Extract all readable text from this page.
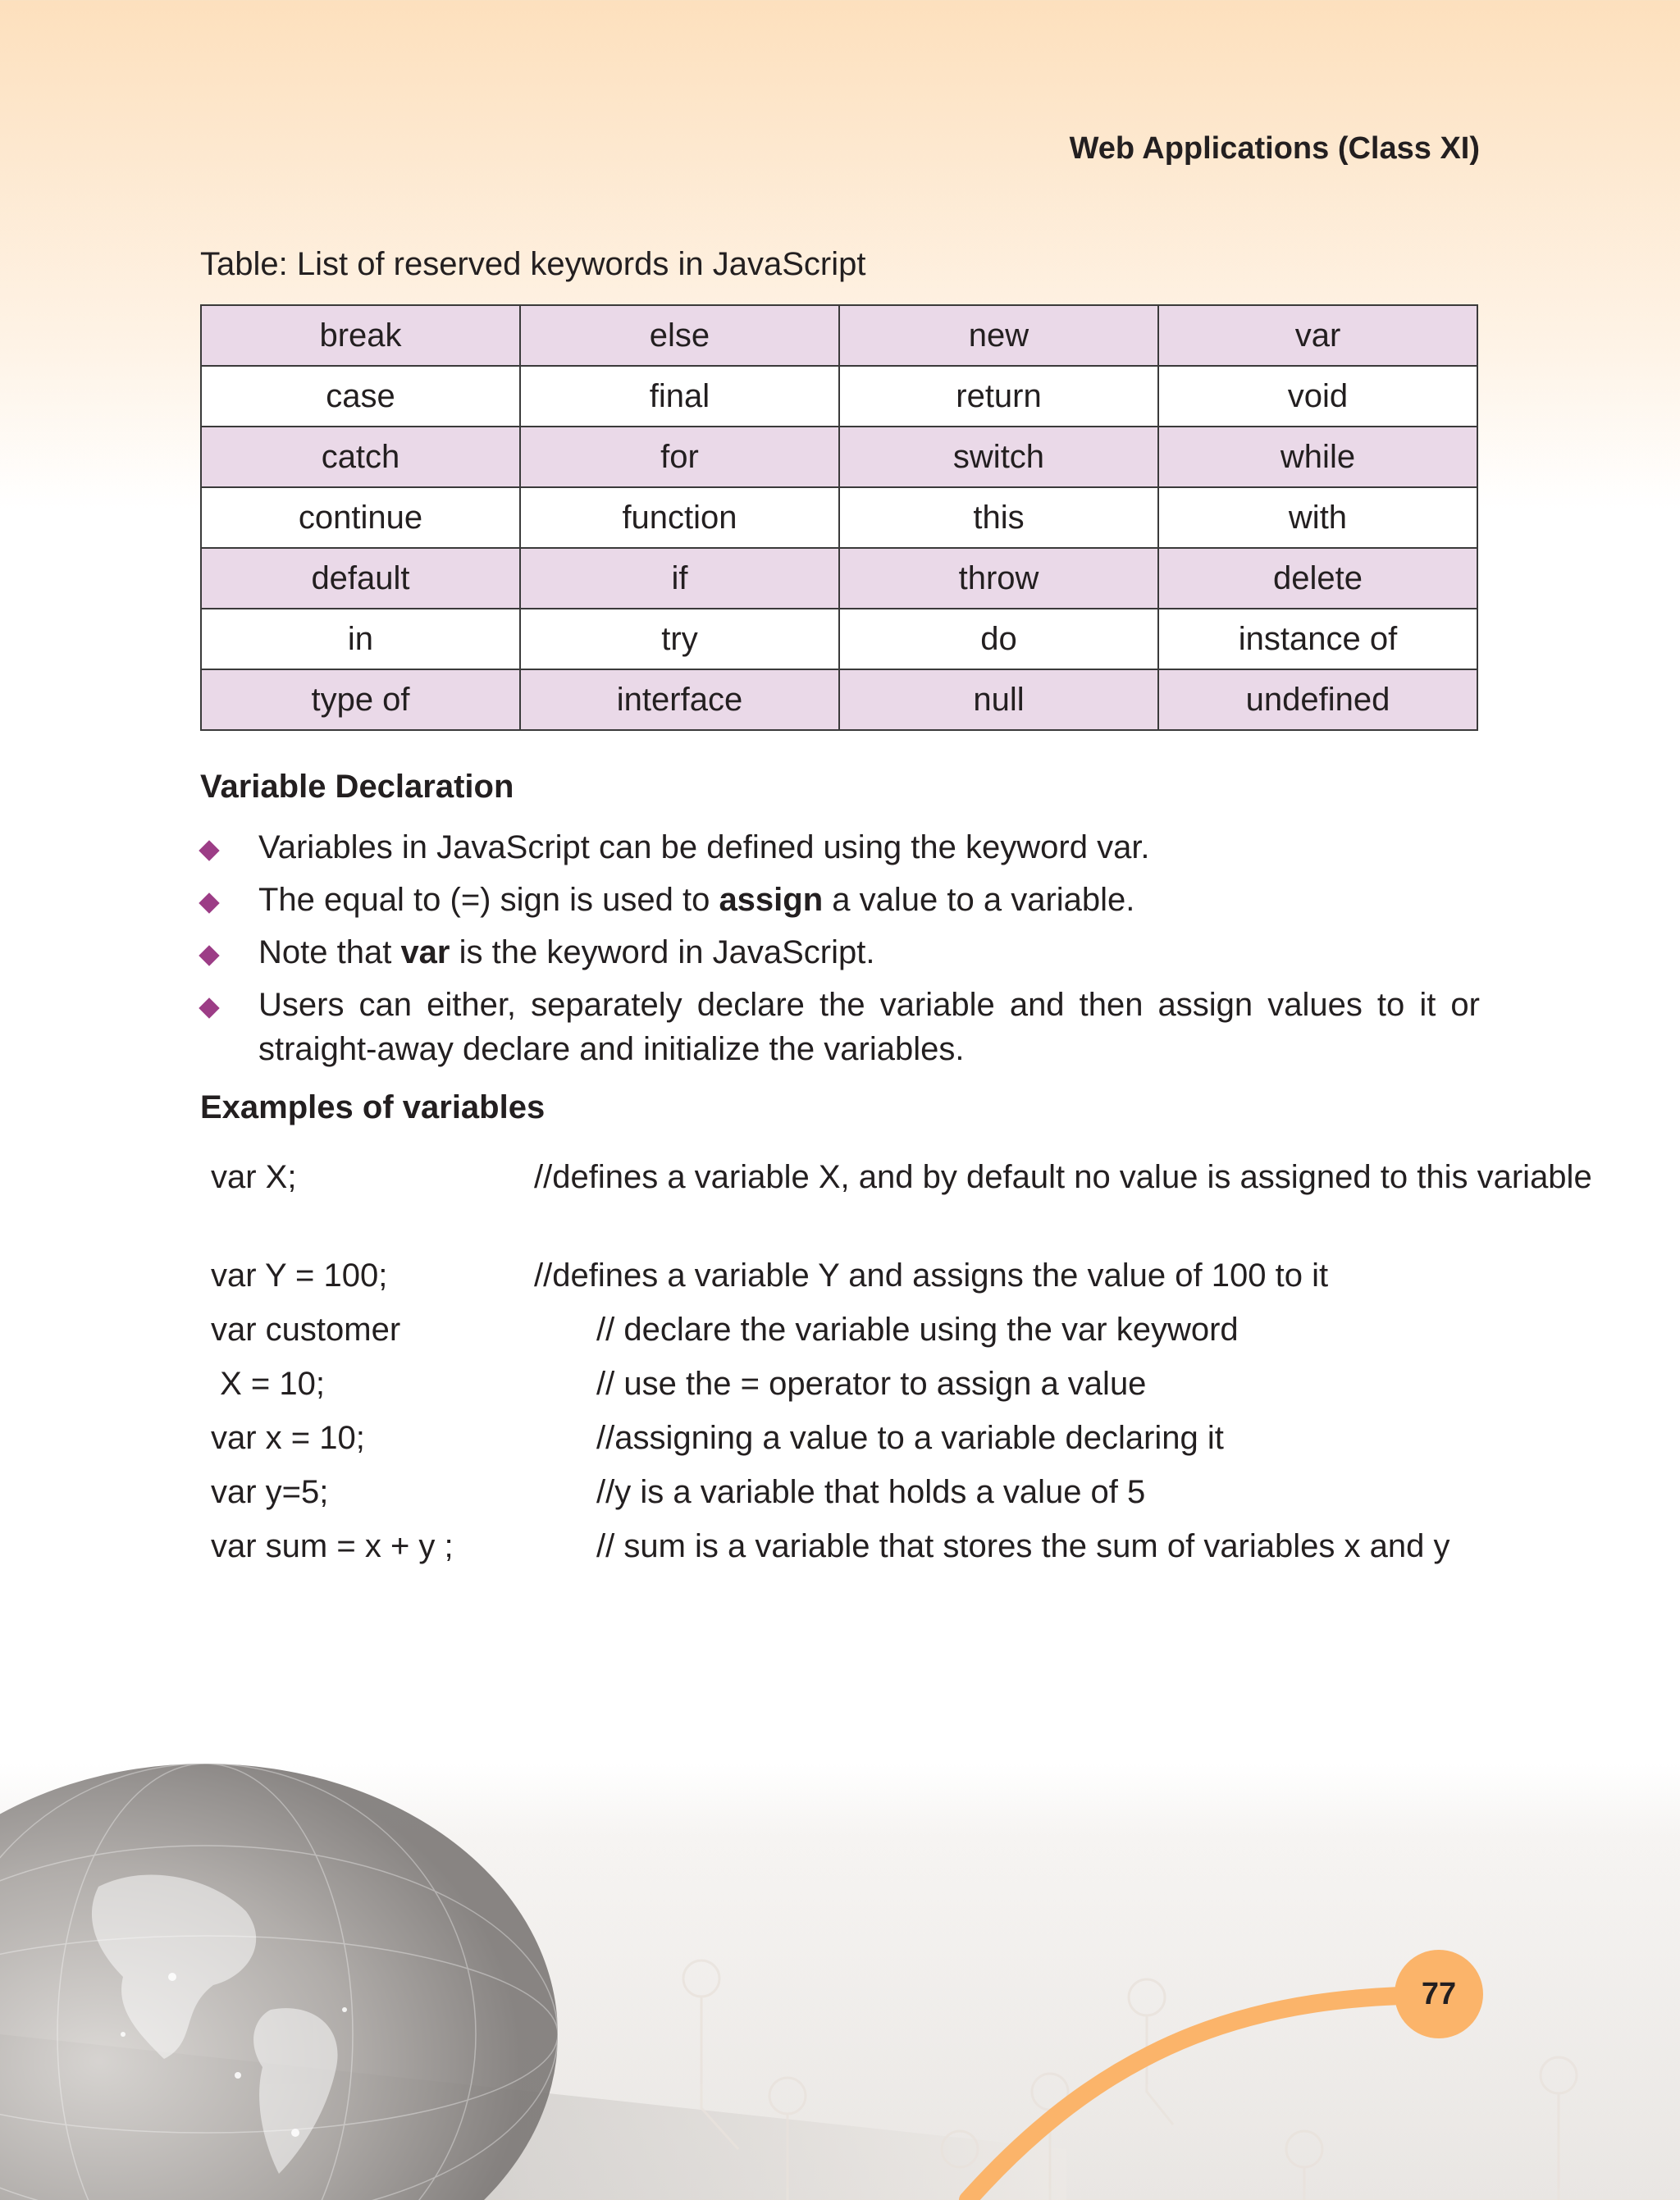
Web Applications (Class XI)
Table: List of reserved keywords in JavaScript
break	else	new	var
case	final	return	void
catch	for	switch	while
continue	function	this	with
default	if	throw	delete
in	try	do	instance of
type of	interface	null	undefined
Variable Declaration
Variables in JavaScript can be defined using the keyword var.
The equal to (=) sign is used to assign a value to a variable.
Note that var is the keyword in JavaScript.
Users can either, separately declare the variable and then assign values to it or straight-away declare and initialize the variables.
Examples of variables
var X;	//defines a variable X, and by default no value is assigned to this variable
var Y = 100;	//defines a variable Y and assigns the value of 100 to it
var customer	// declare the variable using the var keyword
X = 10;	// use the = operator to assign a value
var x = 10;	//assigning a value to a variable declaring it
var y=5;	//y is a variable that holds a value of 5
var sum = x + y ;	// sum is a variable that stores the sum of variables x and y
77
